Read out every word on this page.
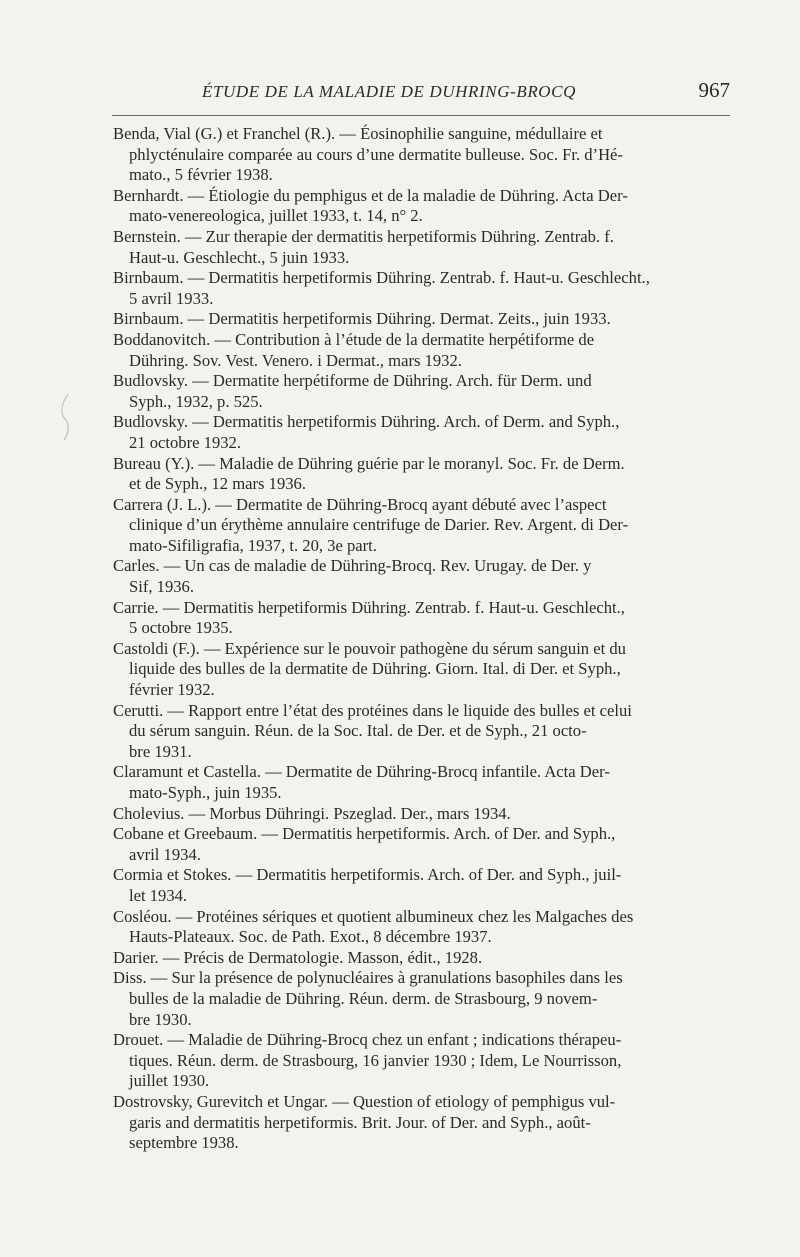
ÉTUDE DE LA MALADIE DE DUHRING-BROCQ	967
Benda, Vial (G.) et Franchel (R.). — Éosinophilie sanguine, médullaire et
phlycténulaire comparée au cours d’une dermatite bulleuse. Soc. Fr. d’Hé-
mato., 5 février 1938.
Bernhardt. — Étiologie du pemphigus et de la maladie de Dühring. Acta Der-
mato-venereologica, juillet 1933, t. 14, n° 2.
Bernstein. — Zur therapie der dermatitis herpetiformis Dühring. Zentrab. f.
Haut-u. Geschlecht., 5 juin 1933.
Birnbaum. — Dermatitis herpetiformis Dühring. Zentrab. f. Haut-u. Geschlecht.,
5 avril 1933.
Birnbaum. — Dermatitis herpetiformis Dühring. Dermat. Zeits., juin 1933.
Boddanovitch. — Contribution à l’étude de la dermatite herpétiforme de
Dühring. Sov. Vest. Venero. i Dermat., mars 1932.
Budlovsky. — Dermatite herpétiforme de Dühring. Arch. für Derm. und
Syph., 1932, p. 525.
Budlovsky. — Dermatitis herpetiformis Dühring. Arch. of Derm. and Syph.,
21 octobre 1932.
Bureau (Y.). — Maladie de Dühring guérie par le moranyl. Soc. Fr. de Derm.
et de Syph., 12 mars 1936.
Carrera (J. L.). — Dermatite de Dühring-Brocq ayant débuté avec l’aspect
clinique d’un érythème annulaire centrifuge de Darier. Rev. Argent. di Der-
mato-Sifiligrafia, 1937, t. 20, 3e part.
Carles. — Un cas de maladie de Dühring-Brocq. Rev. Urugay. de Der. y
Sif, 1936.
Carrie. — Dermatitis herpetiformis Dühring. Zentrab. f. Haut-u. Geschlecht.,
5 octobre 1935.
Castoldi (F.). — Expérience sur le pouvoir pathogène du sérum sanguin et du
liquide des bulles de la dermatite de Dühring. Giorn. Ital. di Der. et Syph.,
février 1932.
Cerutti. — Rapport entre l’état des protéines dans le liquide des bulles et celui
du sérum sanguin. Réun. de la Soc. Ital. de Der. et de Syph., 21 octo-
bre 1931.
Claramunt et Castella. — Dermatite de Dühring-Brocq infantile. Acta Der-
mato-Syph., juin 1935.
Cholevius. — Morbus Dühringi. Pszeglad. Der., mars 1934.
Cobane et Greebaum. — Dermatitis herpetiformis. Arch. of Der. and Syph.,
avril 1934.
Cormia et Stokes. — Dermatitis herpetiformis. Arch. of Der. and Syph., juil-
let 1934.
Cosléou. — Protéines sériques et quotient albumineux chez les Malgaches des
Hauts-Plateaux. Soc. de Path. Exot., 8 décembre 1937.
Darier. — Précis de Dermatologie. Masson, édit., 1928.
Diss. — Sur la présence de polynucléaires à granulations basophiles dans les
bulles de la maladie de Dühring. Réun. derm. de Strasbourg, 9 novem-
bre 1930.
Drouet. — Maladie de Dühring-Brocq chez un enfant ; indications thérapeu-
tiques. Réun. derm. de Strasbourg, 16 janvier 1930 ; Idem, Le Nourrisson,
juillet 1930.
Dostrovsky, Gurevitch et Ungar. — Question of etiology of pemphigus vul-
garis and dermatitis herpetiformis. Brit. Jour. of Der. and Syph., août-
septembre 1938.
